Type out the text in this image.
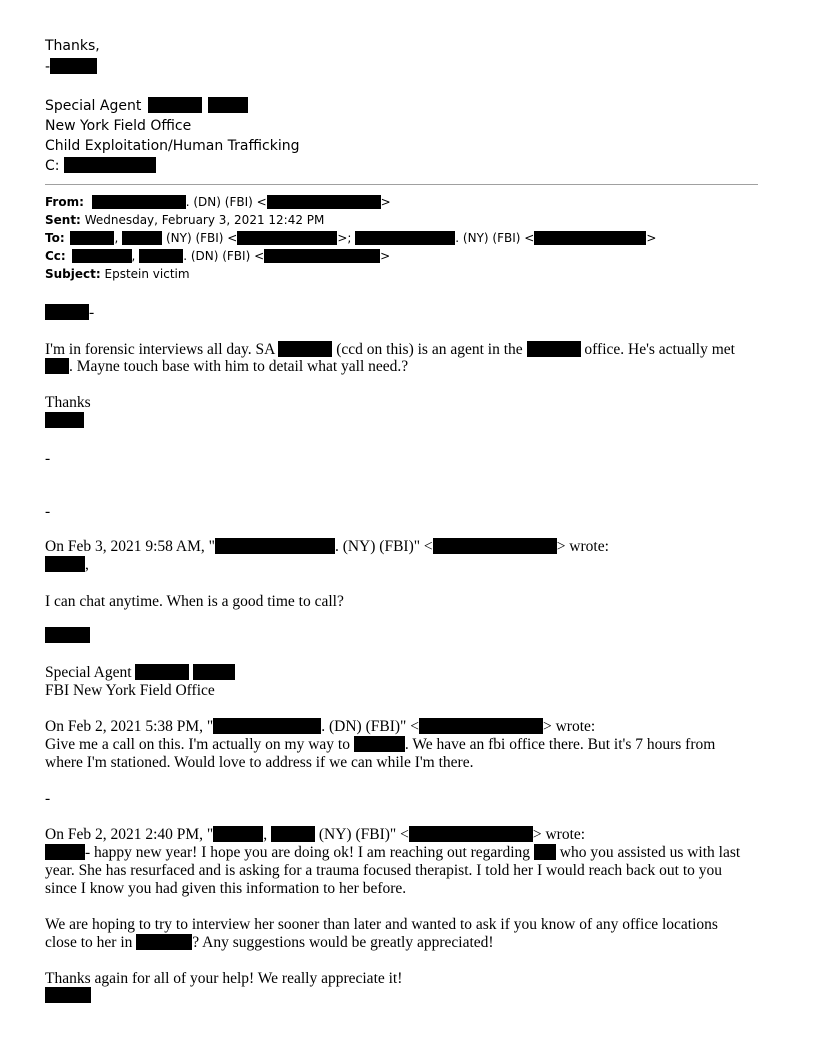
Thanks,
-
Special Agent
New York Field Office
Child Exploitation/Human Trafficking
C:
From:	. (DN) (FBI) <	>
Sent: Wednesday, February 3, 2021 12:42 PM
To:	,	(NY) (FBI) <	>;	. (NY) (FBI) <	>
Cc:	,	. (DN) (FBI) <	>
Subject: Epstein victim
-
I'm in forensic interviews all day. SA	(ccd on this) is an agent in the	office. He's actually met
. Mayne touch base with him to detail what yall need.?
Thanks
-
-
On Feb 3, 2021 9:58 AM, "	. (NY) (FBI)" <	> wrote:
,
I can chat anytime. When is a good time to call?
Special Agent
FBI New York Field Office
On Feb 2, 2021 5:38 PM, "	. (DN) (FBI)" <	> wrote:
Give me a call on this. I'm actually on my way to	. We have an fbi office there. But it's 7 hours from
where I'm stationed. Would love to address if we can while I'm there.
-
On Feb 2, 2021 2:40 PM, "	,	(NY) (FBI)" <	> wrote:
- happy new year! I hope you are doing ok! I am reaching out regarding who you assisted us with last
year. She has resurfaced and is asking for a trauma focused therapist. I told her I would reach back out to you
since I know you had given this information to her before.
We are hoping to try to interview her sooner than later and wanted to ask if you know of any office locations
close to her in	? Any suggestions would be greatly appreciated!
Thanks again for all of your help! We really appreciate it!
